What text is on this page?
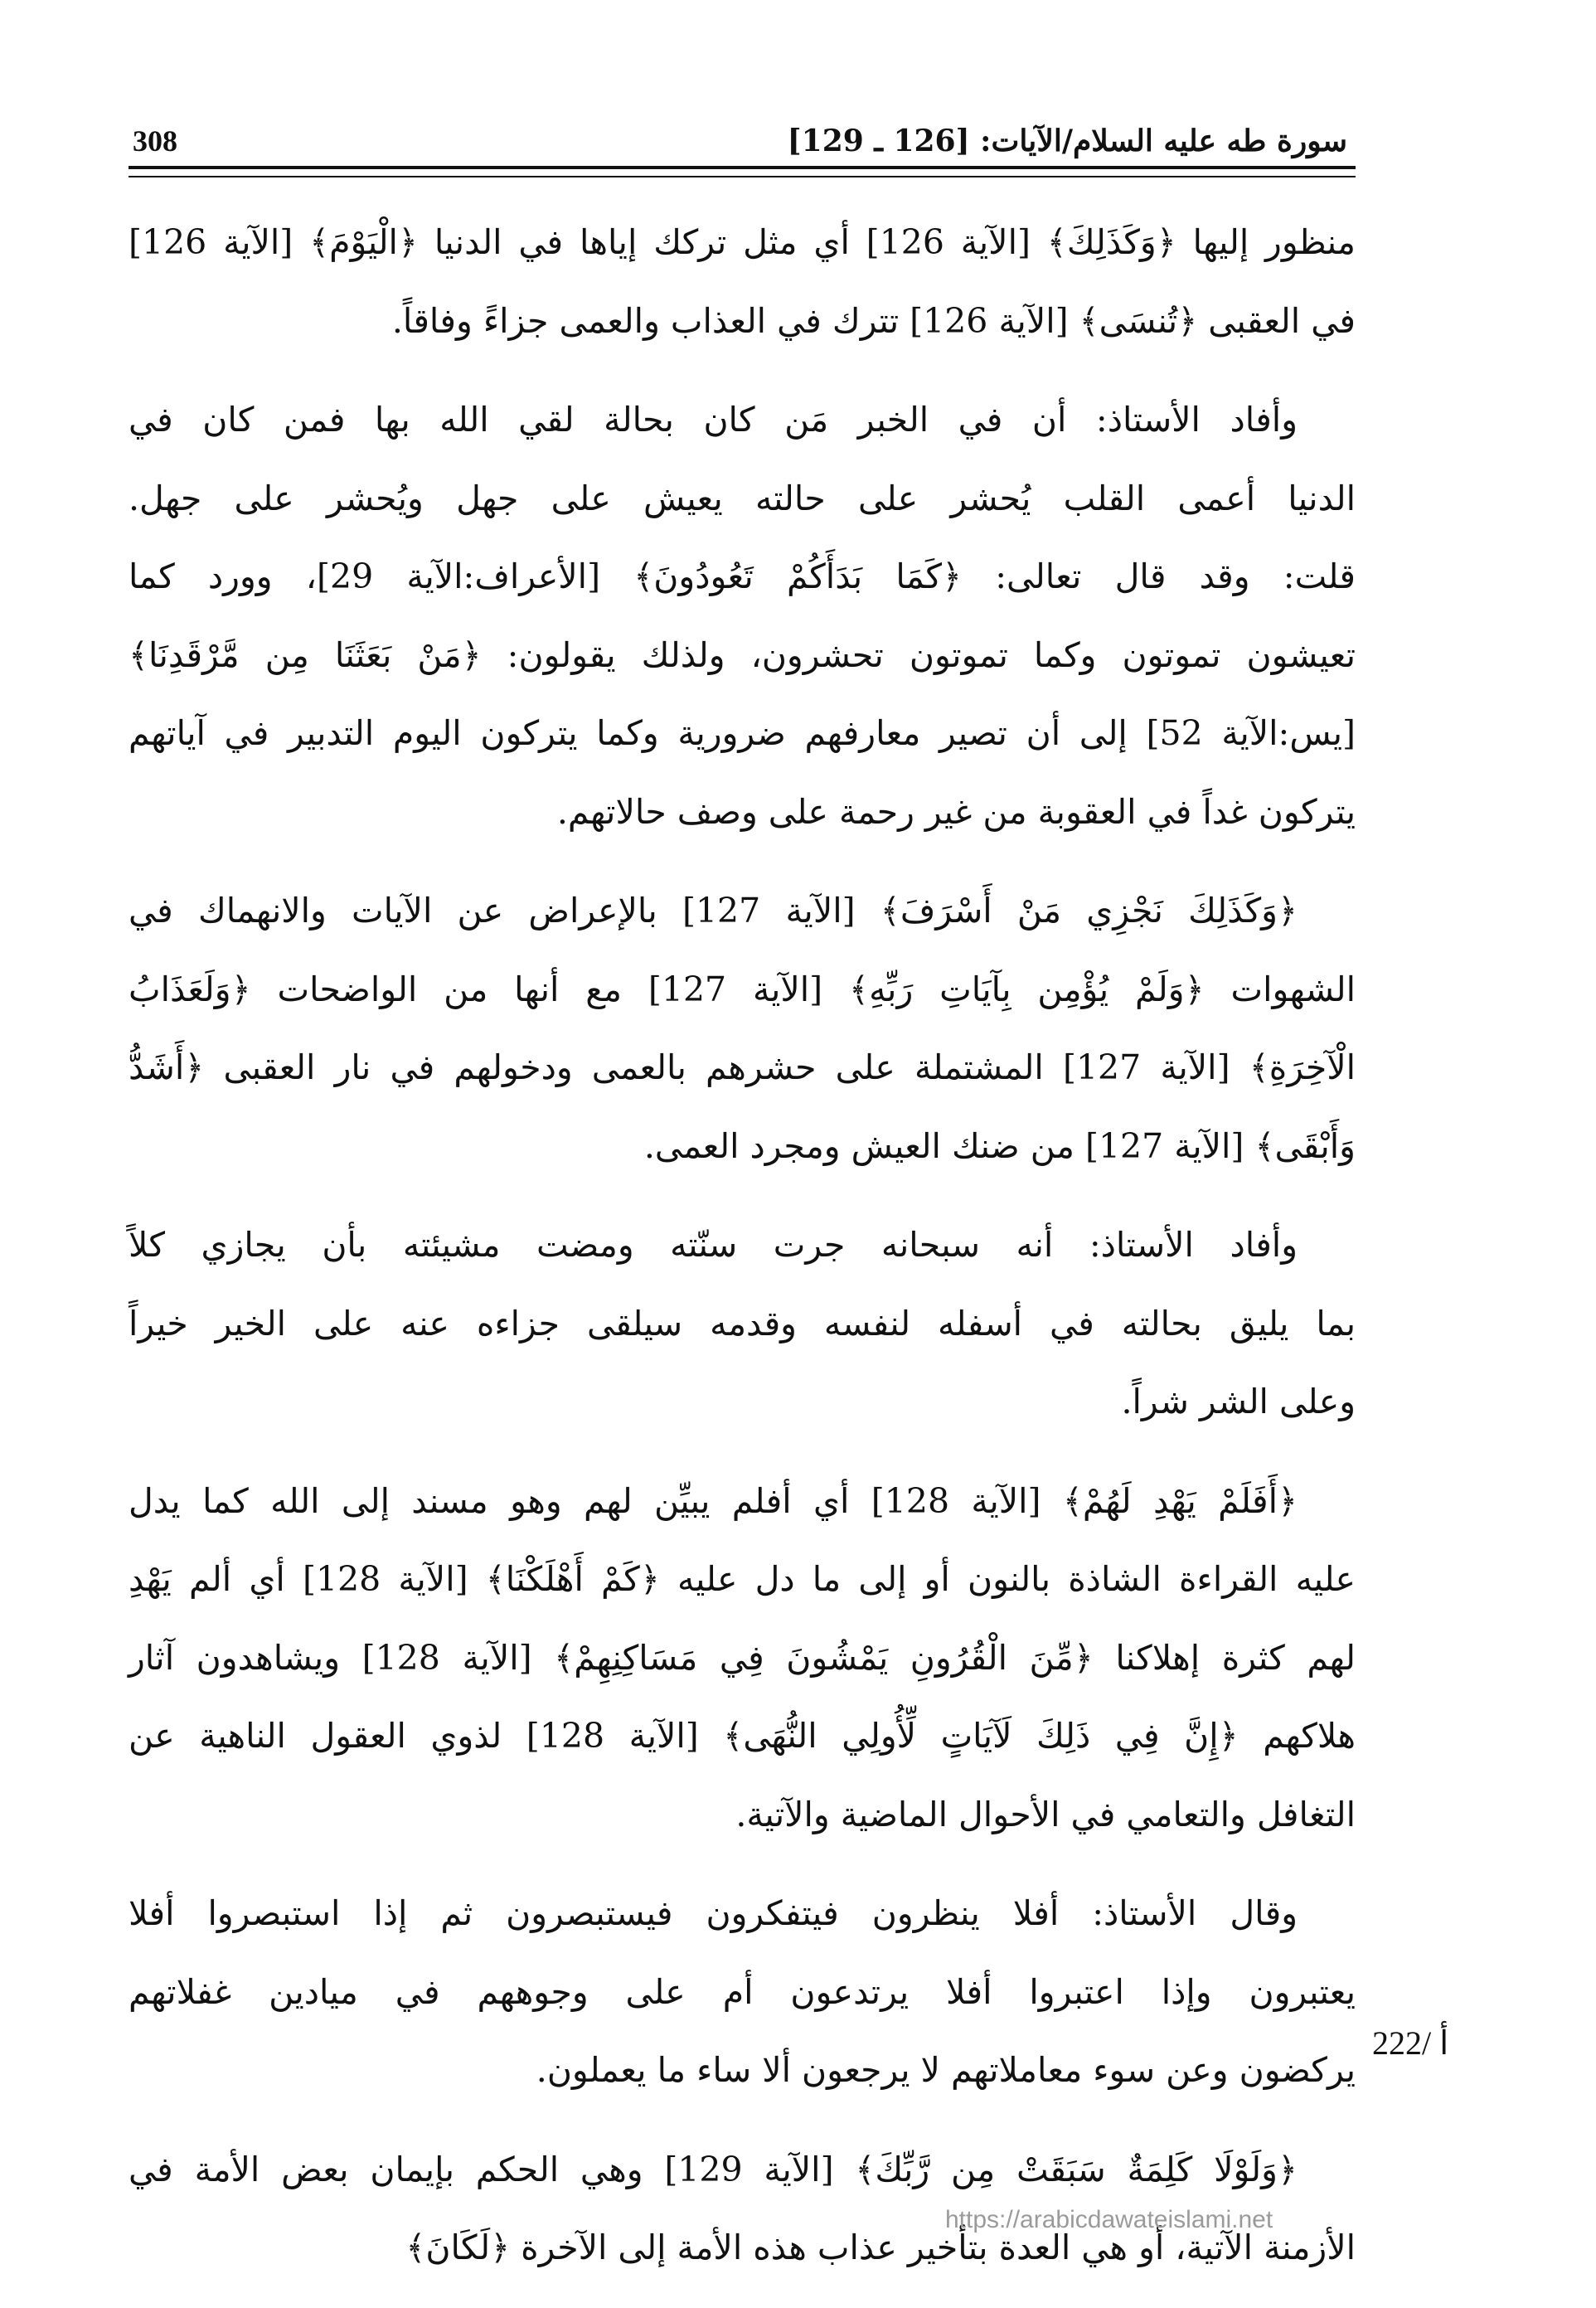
سورة طه عليه السلام/الآيات: [126 ـ 129]
308
منظور إليها ﴿وَكَذَلِكَ﴾ [الآية 126] أي مثل تركك إياها في الدنيا ﴿الْيَوْمَ﴾ [الآية 126]
في العقبى ﴿تُنسَى﴾ [الآية 126] تترك في العذاب والعمى جزاءً وفاقاً.
وأفاد الأستاذ: أن في الخبر مَن كان بحالة لقي الله بها فمن كان في
الدنيا أعمى القلب يُحشر على حالته يعيش على جهل ويُحشر على جهل.
قلت: وقد قال تعالى: ﴿كَمَا بَدَأَكُمْ تَعُودُونَ﴾ [الأعراف:الآية 29]، وورد كما
تعيشون تموتون وكما تموتون تحشرون، ولذلك يقولون: ﴿مَنْ بَعَثَنَا مِن مَّرْقَدِنَا﴾
[يس:الآية 52] إلى أن تصير معارفهم ضرورية وكما يتركون اليوم التدبير في آياتهم
يتركون غداً في العقوبة من غير رحمة على وصف حالاتهم.
﴿وَكَذَلِكَ نَجْزِي مَنْ أَسْرَفَ﴾ [الآية 127] بالإعراض عن الآيات والانهماك في
الشهوات ﴿وَلَمْ يُؤْمِن بِآيَاتِ رَبِّهِ﴾ [الآية 127] مع أنها من الواضحات ﴿وَلَعَذَابُ
الْآخِرَةِ﴾ [الآية 127] المشتملة على حشرهم بالعمى ودخولهم في نار العقبى ﴿أَشَدُّ
وَأَبْقَى﴾ [الآية 127] من ضنك العيش ومجرد العمى.
وأفاد الأستاذ: أنه سبحانه جرت سنّته ومضت مشيئته بأن يجازي كلاً
بما يليق بحالته في أسفله لنفسه وقدمه سيلقى جزاءه عنه على الخير خيراً
وعلى الشر شراً.
﴿أَفَلَمْ يَهْدِ لَهُمْ﴾ [الآية 128] أي أفلم يبيِّن لهم وهو مسند إلى الله كما يدل
عليه القراءة الشاذة بالنون أو إلى ما دل عليه ﴿كَمْ أَهْلَكْنَا﴾ [الآية 128] أي ألم يَهْدِ
لهم كثرة إهلاكنا ﴿مِّنَ الْقُرُونِ يَمْشُونَ فِي مَسَاكِنِهِمْ﴾ [الآية 128] ويشاهدون آثار
هلاكهم ﴿إِنَّ فِي ذَلِكَ لَآيَاتٍ لِّأُولِي النُّهَى﴾ [الآية 128] لذوي العقول الناهية عن
التغافل والتعامي في الأحوال الماضية والآتية.
وقال الأستاذ: أفلا ينظرون فيتفكرون فيستبصرون ثم إذا استبصروا أفلا
يعتبرون وإذا اعتبروا أفلا يرتدعون أم على وجوههم في ميادين غفلاتهم
يركضون وعن سوء معاملاتهم لا يرجعون ألا ساء ما يعملون.
﴿وَلَوْلَا كَلِمَةٌ سَبَقَتْ مِن رَّبِّكَ﴾ [الآية 129] وهي الحكم بإيمان بعض الأمة في
الأزمنة الآتية، أو هي العدة بتأخير عذاب هذه الأمة إلى الآخرة ﴿لَكَانَ﴾
222/ أ
https://arabicdawateislami.net
